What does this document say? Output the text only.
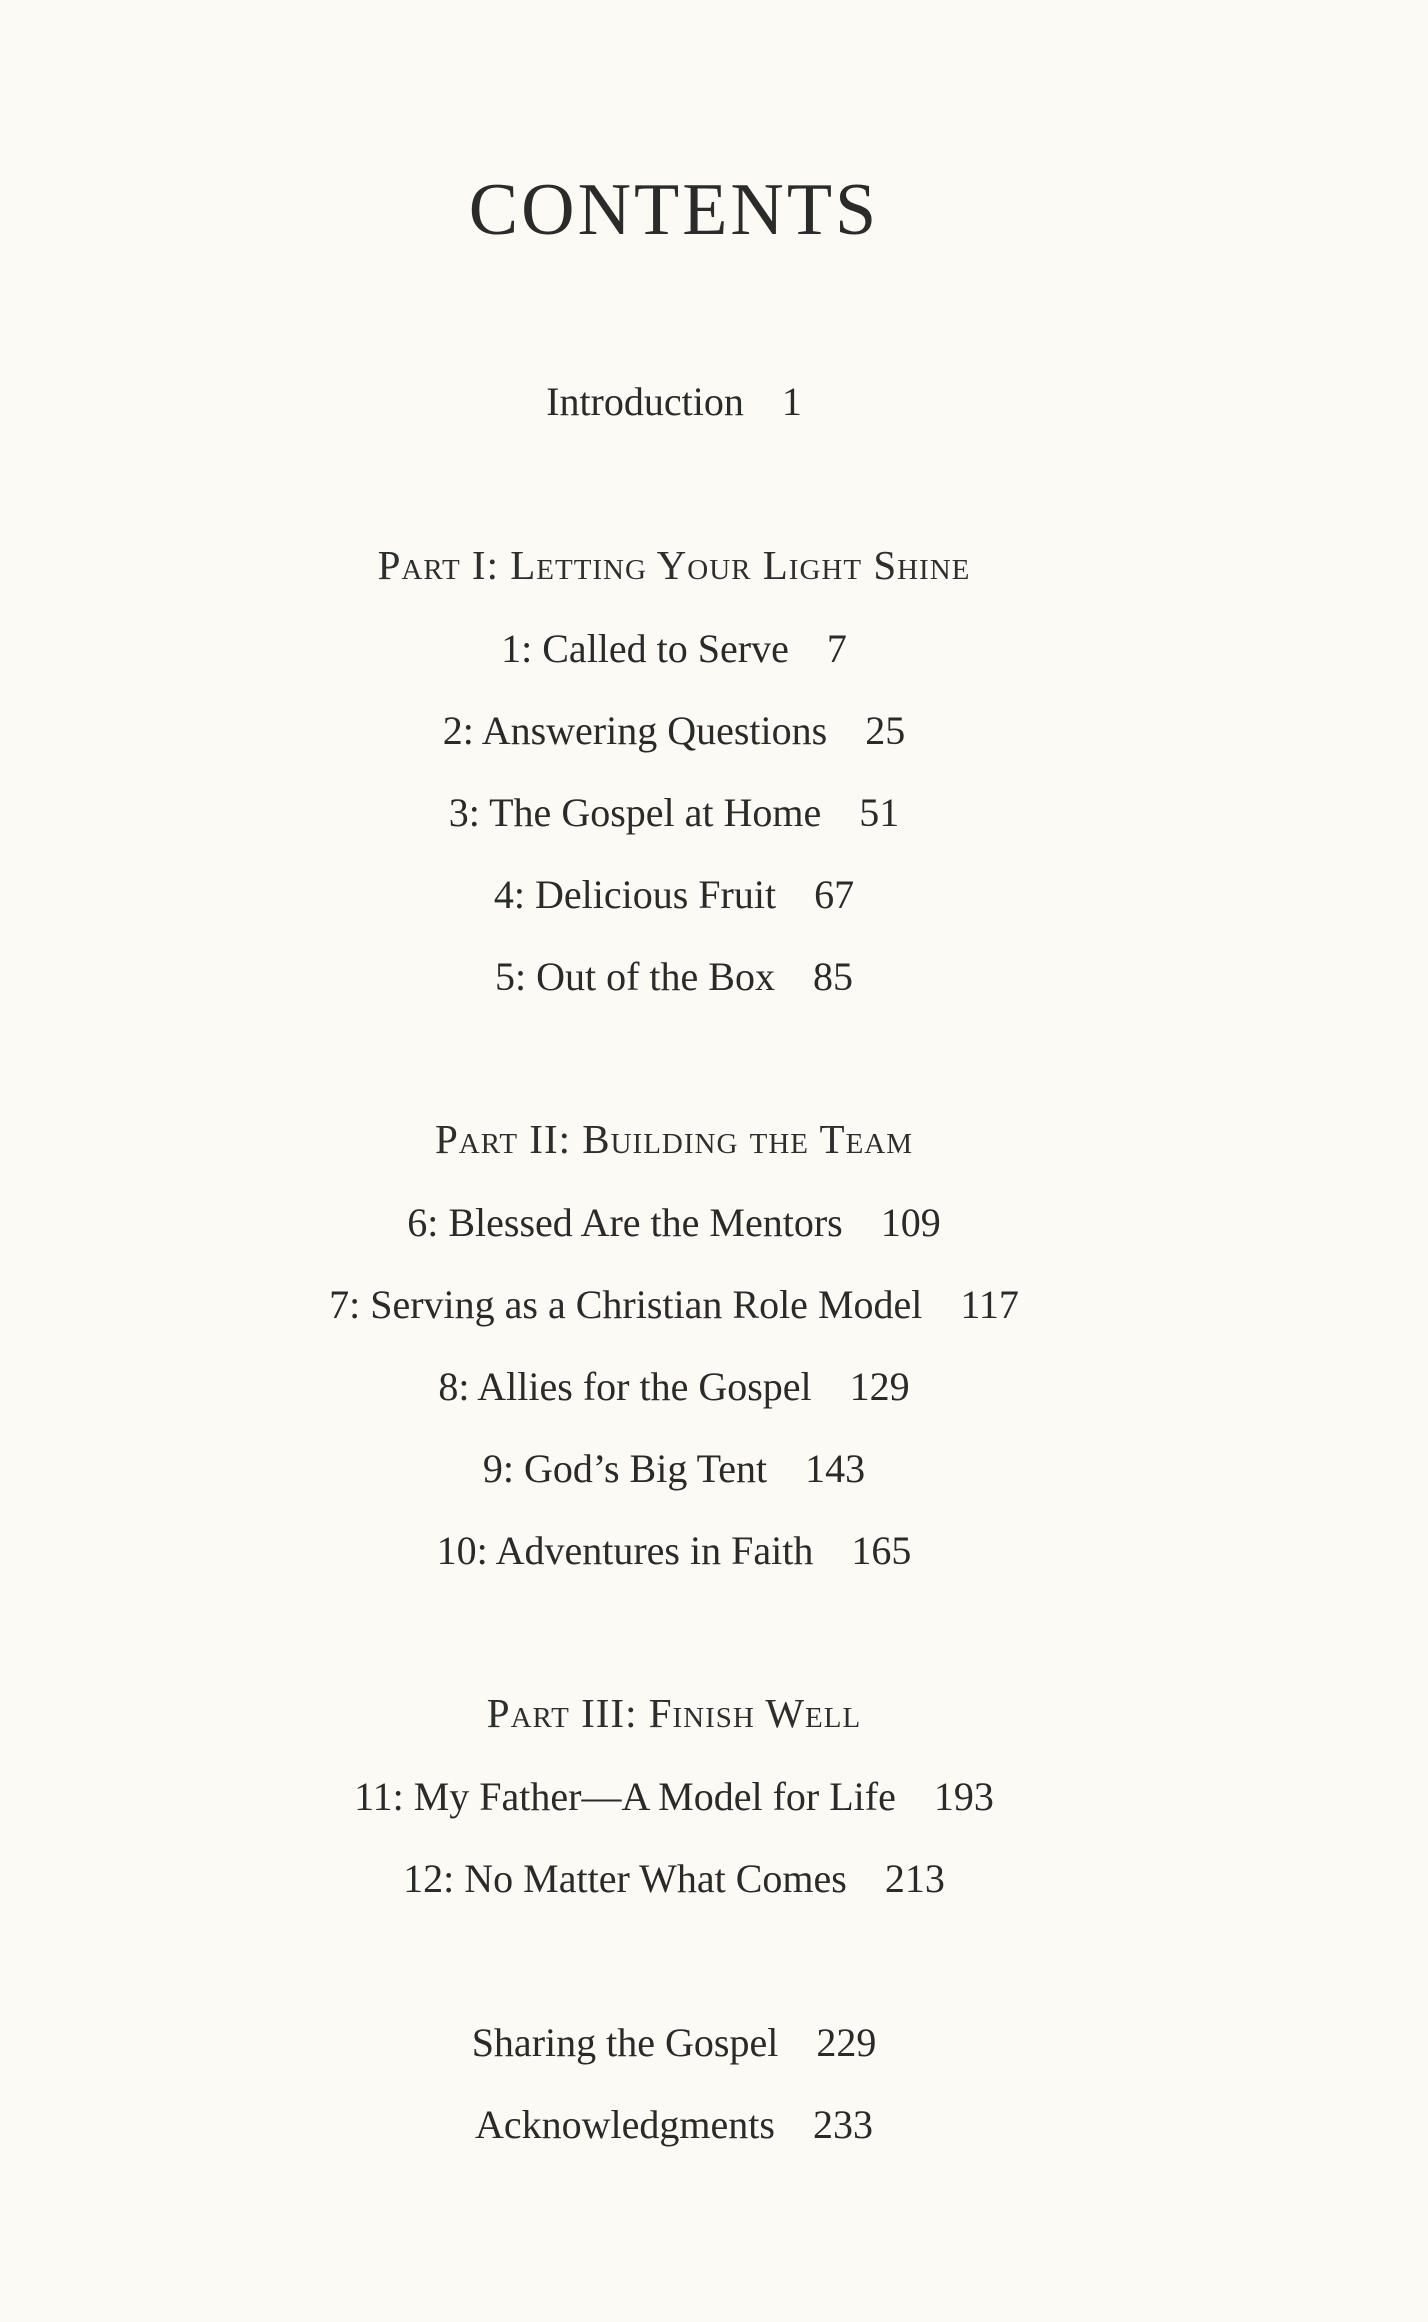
CONTENTS
Introduction 1
Part I: Letting Your Light Shine
1: Called to Serve 7
2: Answering Questions 25
3: The Gospel at Home 51
4: Delicious Fruit 67
5: Out of the Box 85
Part II: Building the Team
6: Blessed Are the Mentors 109
7: Serving as a Christian Role Model 117
8: Allies for the Gospel 129
9: God’s Big Tent 143
10: Adventures in Faith 165
Part III: Finish Well
11: My Father—A Model for Life 193
12: No Matter What Comes 213
Sharing the Gospel 229
Acknowledgments 233
